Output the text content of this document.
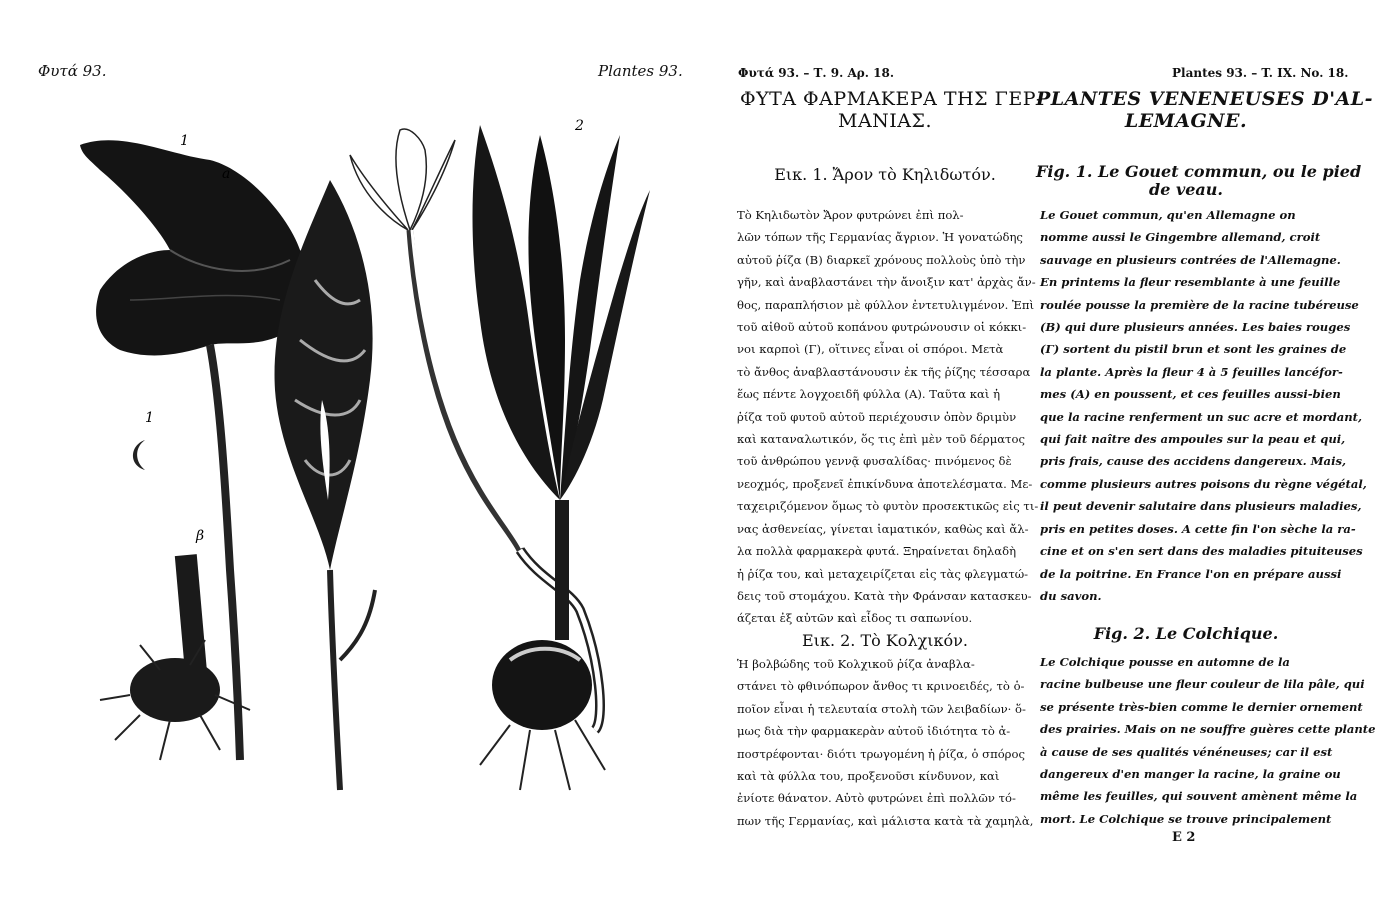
Φυτά 93.	Plantes 93.
1
a
1
β
2
Φυτά 93. – Τ. 9. Αρ. 18.	Plantes 93. – T. IX. No. 18.
ΦΥΤΑ ΦΑΡΜΑΚΕΡΑ ΤΗΣ ΓΕΡ-
ΜΑΝΙΑΣ.
PLANTES VENENEUSES D'AL-
LEMAGNE.
Εικ. 1. Ἄρον τὸ Κηλιδωτόν.	Fig. 1. Le Gouet commun, ou le pied
de veau.
Τὸ Κηλιδωτὸν Ἄρον φυτρώνει ἐπὶ πολ-
λῶν τόπων τῆς Γερμανίας ἄγριον. Ἡ γονατώδης
αὐτοῦ ῥίζα (Β) διαρκεῖ χρόνους πολλοὺς ὑπὸ τὴν
γῆν, καὶ ἀναβλαστάνει τὴν ἄνοιξιν κατ' ἀρχὰς ἄν-
θος, παραπλήσιον μὲ φύλλον ἐντετυλιγμένον. Ἐπὶ
τοῦ αἰθοῦ αὐτοῦ κοπάνου φυτρώνουσιν οἱ κόκκι-
νοι καρποὶ (Γ), οἵτινες εἶναι οἱ σπόροι. Μετὰ
τὸ ἄνθος ἀναβλαστάνουσιν ἐκ τῆς ῥίζης τέσσαρα
ἕως πέντε λογχοειδῆ φύλλα (Α). Ταῦτα καὶ ἡ
ῥίζα τοῦ φυτοῦ αὐτοῦ περιέχουσιν ὀπὸν δριμὺν
καὶ καταναλωτικόν, ὅς τις ἐπὶ μὲν τοῦ δέρματος
τοῦ ἀνθρώπου γεννᾷ φυσαλίδας· πινόμενος δὲ
νεοχμός, προξενεῖ ἐπικίνδυνα ἀποτελέσματα. Με-
ταχειριζόμενον ὅμως τὸ φυτὸν προσεκτικῶς εἰς τι-
νας ἀσθενείας, γίνεται ἰαματικόν, καθὼς καὶ ἄλ-
λα πολλὰ φαρμακερὰ φυτά. Ξηραίνεται δηλαδὴ
ἡ ῥίζα του, καὶ μεταχειρίζεται εἰς τὰς φλεγματώ-
δεις τοῦ στομάχου. Κατὰ τὴν Φράνσαν κατασκευ-
άζεται ἐξ αὐτῶν καὶ εἶδος τι σαπωνίου.
Le Gouet commun, qu'en Allemagne on
nomme aussi le Gingembre allemand, croit
sauvage en plusieurs contrées de l'Allemagne.
En printems la fleur resemblante à une feuille
roulée pousse la première de la racine tubéreuse
(B) qui dure plusieurs années. Les baies rouges
(Γ) sortent du pistil brun et sont les graines de
la plante. Après la fleur 4 à 5 feuilles lancéfor-
mes (A) en poussent, et ces feuilles aussi-bien
que la racine renferment un suc acre et mordant,
qui fait naître des ampoules sur la peau et qui,
pris frais, cause des accidens dangereux. Mais,
comme plusieurs autres poisons du règne végétal,
il peut devenir salutaire dans plusieurs maladies,
pris en petites doses. A cette fin l'on sèche la ra-
cine et on s'en sert dans des maladies pituiteuses
de la poitrine. En France l'on en prépare aussi
du savon.
Εικ. 2. Τὸ Κολχικόν.	Fig. 2. Le Colchique.
Ἡ βολβώδης τοῦ Κολχικοῦ ῥίζα ἀναβλα-
στάνει τὸ φθινόπωρον ἄνθος τι κρινοειδές, τὸ ὁ-
ποῖον εἶναι ἡ τελευταία στολὴ τῶν λειβαδίων· ὅ-
μως διὰ τὴν φαρμακερὰν αὐτοῦ ἰδιότητα τὸ ἀ-
ποστρέφονται· διότι τρωγομένη ἡ ῥίζα, ὁ σπόρος
καὶ τὰ φύλλα του, προξενοῦσι κίνδυνον, καὶ
ἐνίοτε θάνατον. Αὐτὸ φυτρώνει ἐπὶ πολλῶν τό-
πων τῆς Γερμανίας, καὶ μάλιστα κατὰ τὰ χαμηλὰ,
Le Colchique pousse en automne de la
racine bulbeuse une fleur couleur de lila pâle, qui
se présente très-bien comme le dernier ornement
des prairies. Mais on ne souffre guères cette plante
à cause de ses qualités vénéneuses; car il est
dangereux d'en manger la racine, la graine ou
même les feuilles, qui souvent amènent même la
mort. Le Colchique se trouve principalement
E 2
